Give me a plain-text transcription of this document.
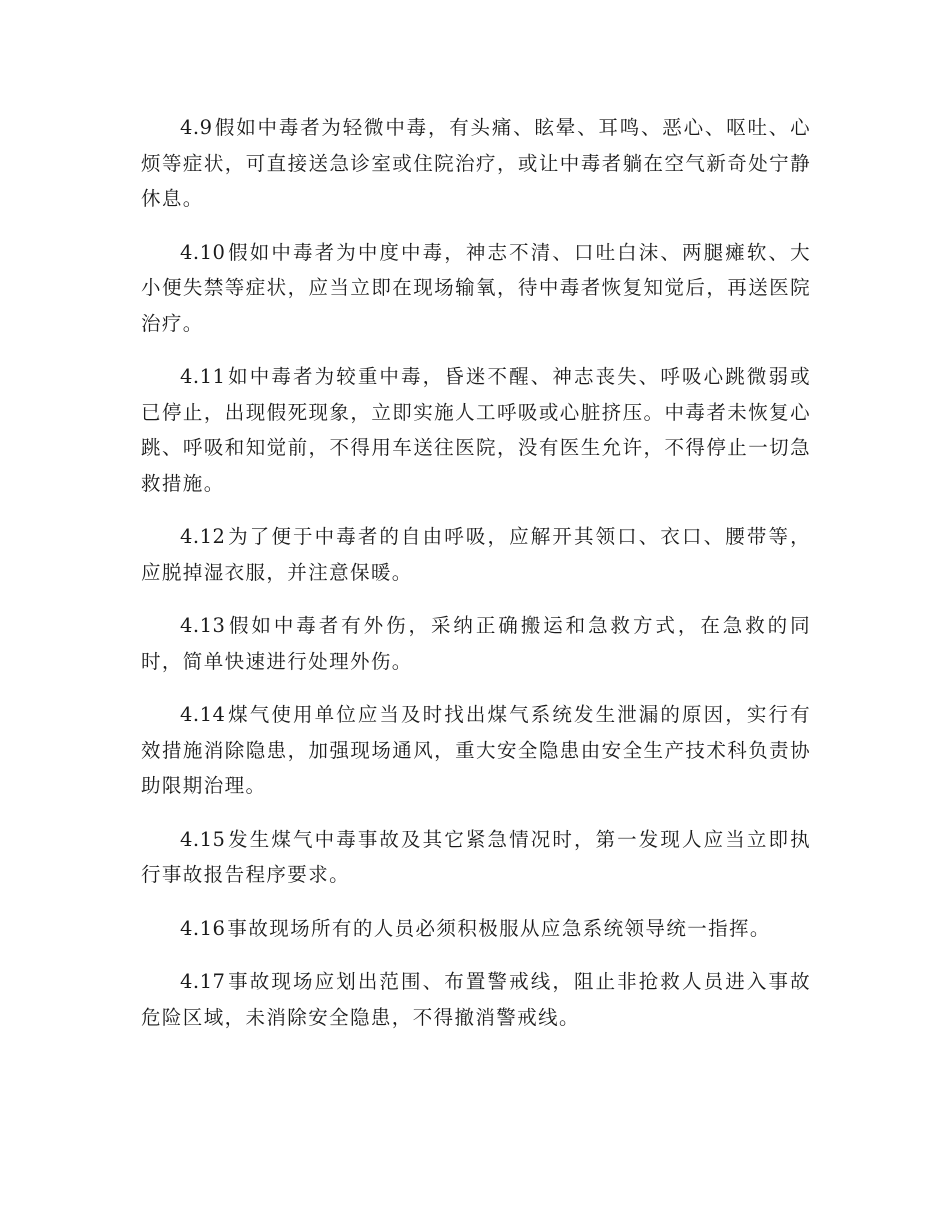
4.9 假如中毒者为轻微中毒，有头痛、眩晕、耳鸣、恶心、呕吐、心烦等症状，可直接送急诊室或住院治疗，或让中毒者躺在空气新奇处宁静休息。

4.10 假如中毒者为中度中毒，神志不清、口吐白沫、两腿瘫软、大小便失禁等症状，应当立即在现场输氧，待中毒者恢复知觉后，再送医院治疗。

4.11 如中毒者为较重中毒，昏迷不醒、神志丧失、呼吸心跳微弱或已停止，出现假死现象，立即实施人工呼吸或心脏挤压。中毒者未恢复心跳、呼吸和知觉前，不得用车送往医院，没有医生允许，不得停止一切急救措施。

4.12 为了便于中毒者的自由呼吸，应解开其领口、衣口、腰带等，应脱掉湿衣服，并注意保暖。

4.13 假如中毒者有外伤，采纳正确搬运和急救方式，在急救的同时，简单快速进行处理外伤。

4.14 煤气使用单位应当及时找出煤气系统发生泄漏的原因，实行有效措施消除隐患，加强现场通风，重大安全隐患由安全生产技术科负责协助限期治理。

4.15 发生煤气中毒事故及其它紧急情况时，第一发现人应当立即执行事故报告程序要求。

4.16 事故现场所有的人员必须积极服从应急系统领导统一指挥。

4.17 事故现场应划出范围、布置警戒线，阻止非抢救人员进入事故危险区域，未消除安全隐患，不得撤消警戒线。
